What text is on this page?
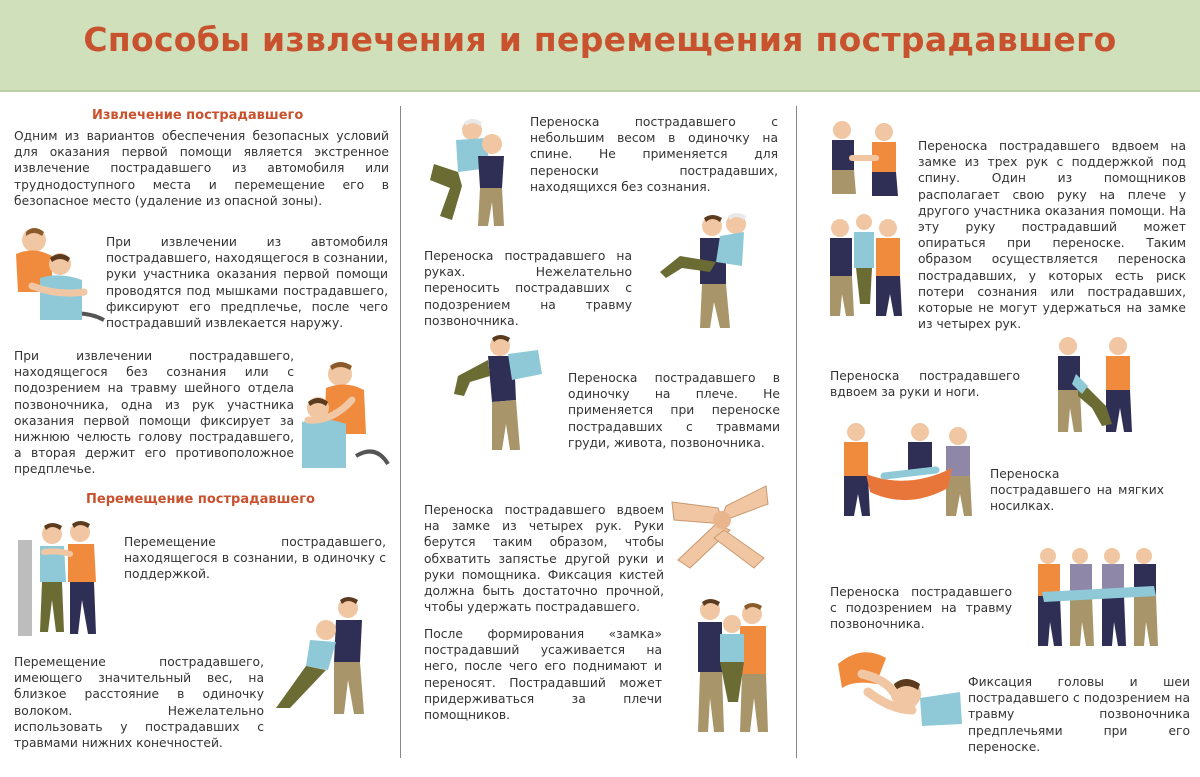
Способы извлечения и перемещения пострадавшего
Извлечение пострадавшего
Одним из вариантов обеспечения безопасных условий для оказания первой помощи является экстренное извлечение пострадавшего из автомобиля или труднодоступного места и перемещение его в безопасное место (удаление из опасной зоны).
При извлечении из автомобиля пострадавшего, находящегося в сознании, руки участника оказания первой помощи проводятся под мышками пострадавшего, фиксируют его предплечье, после чего пострадавший извлекается наружу.
При извлечении пострадавшего, находящегося без сознания или с подозрением на травму шейного отдела позвоночника, одна из рук участника оказания первой помощи фиксирует за нижнюю челюсть голову пострадавшего, а вторая держит его противоположное предплечье.
Перемещение пострадавшего
Перемещение пострадавшего, находящегося в сознании, в одиночку с поддержкой.
Перемещение пострадавшего, имеющего значительный вес, на близкое расстояние в одиночку волоком. Нежелательно использовать у пострадавших с травмами нижних конечностей.
Переноска пострадавшего с небольшим весом в одиночку на спине. Не применяется для переноски пострадавших, находящихся без сознания.
Переноска пострадавшего на руках. Нежелательно переносить пострадавших с подозрением на травму позвоночника.
Переноска пострадавшего в одиночку на плече. Не применяется при переноске пострадавших с травмами груди, живота, позвоночника.
Переноска пострадавшего вдвоем на замке из четырех рук. Руки берутся таким образом, чтобы обхватить запястье другой руки и руки помощника. Фиксация кистей должна быть достаточно прочной, чтобы удержать пострадавшего.
После формирования «замка» пострадавший усаживается на него, после чего его поднимают и переносят. Пострадавший может придерживаться за плечи помощников.
Переноска пострадавшего вдвоем на замке из трех рук с поддержкой под спину. Один из помощников располагает свою руку на плече у другого участника оказания помощи. На эту руку пострадавший может опираться при переноске. Таким образом осуществляется переноска пострадавших, у которых есть риск потери сознания или пострадавших, которые не могут удержаться на замке из четырех рук.
Переноска пострадавшего вдвоем за руки и ноги.
Переноска пострадавшего на мягких носилках.
Переноска пострадавшего с подозрением на травму позвоночника.
Фиксация головы и шеи пострадавшего с подозрением на травму позвоночника предплечьями при его переноске.
